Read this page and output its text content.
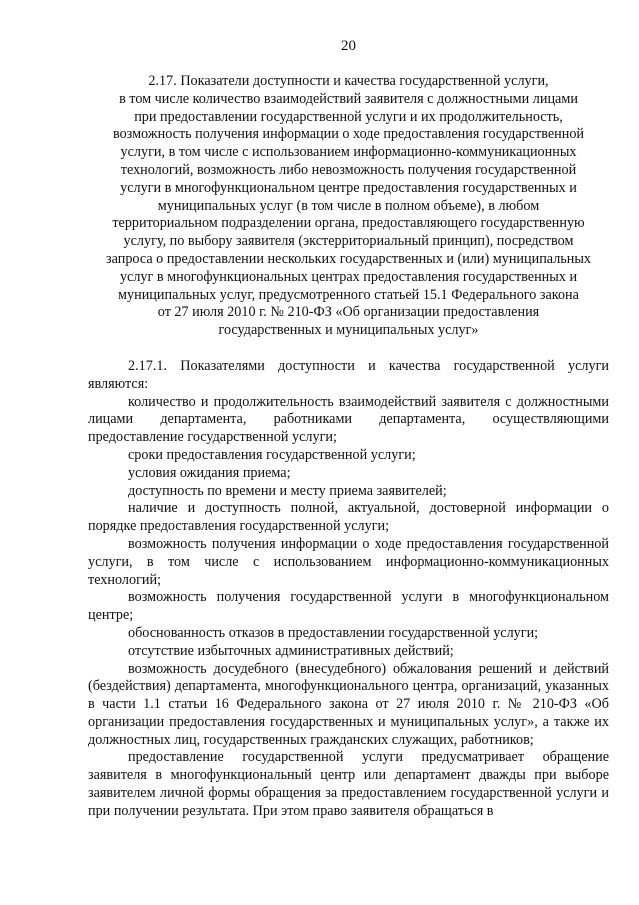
20
2.17. Показатели доступности и качества государственной услуги,
в том числе количество взаимодействий заявителя с должностными лицами
при предоставлении государственной услуги и их продолжительность,
возможность получения информации о ходе предоставления государственной
услуги, в том числе с использованием информационно-коммуникационных
технологий, возможность либо невозможность получения государственной
услуги в многофункциональном центре предоставления государственных и
муниципальных услуг (в том числе в полном объеме), в любом
территориальном подразделении органа, предоставляющего государственную
услугу, по выбору заявителя (экстерриториальный принцип), посредством
запроса о предоставлении нескольких государственных и (или) муниципальных
услуг в многофункциональных центрах предоставления государственных и
муниципальных услуг, предусмотренного статьей 15.1 Федерального закона
от 27 июля 2010 г. № 210-ФЗ «Об организации предоставления
государственных и муниципальных услуг»

2.17.1. Показателями доступности и качества государственной услуги являются:

количество и продолжительность взаимодействий заявителя с должностными лицами департамента, работниками департамента, осуществляющими предоставление государственной услуги;

сроки предоставления государственной услуги;

условия ожидания приема;

доступность по времени и месту приема заявителей;

наличие и доступность полной, актуальной, достоверной информации о порядке предоставления государственной услуги;

возможность получения информации о ходе предоставления государственной услуги, в том числе с использованием информационно-коммуникационных технологий;

возможность получения государственной услуги в многофункциональном центре;

обоснованность отказов в предоставлении государственной услуги;

отсутствие избыточных административных действий;

возможность досудебного (внесудебного) обжалования решений и действий (бездействия) департамента, многофункционального центра, организаций, указанных в части 1.1 статьи 16 Федерального закона от 27 июля 2010 г. № 210-ФЗ «Об организации предоставления государственных и муниципальных услуг», а также их должностных лиц, государственных гражданских служащих, работников;

предоставление государственной услуги предусматривает обращение заявителя в многофункциональный центр или департамент дважды при выборе заявителем личной формы обращения за предоставлением государственной услуги и при получении результата. При этом право заявителя обращаться в
